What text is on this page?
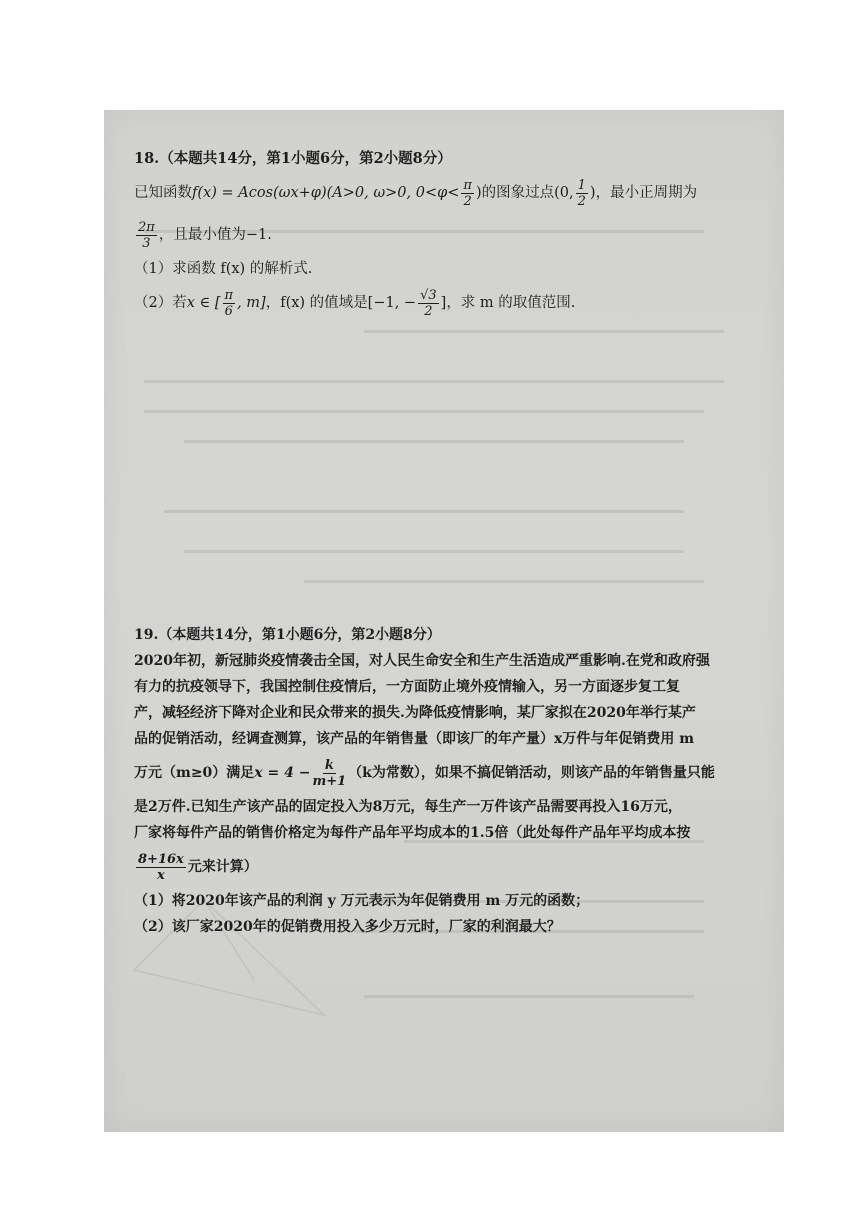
18.（本题共14分，第1小题6分，第2小题8分）
已知函数 f(x) = Acos(ωx+φ)(A>0, ω>0, $0<\varphi< \frac{\pi}{2}$ )的图象过点 (0, $\frac{1}{2}$ ) ，最小正周期为
$\frac{2\pi}{3}$ ，且最小值为−1.
（1）求函数 f(x) 的解析式.
（2）若 x ∈ [ $\frac{\pi}{6}$ , m] ，f(x) 的值域是 [−1, − $\frac{√3}{2}$ ] ，求 m 的取值范围.
19.（本题共14分，第1小题6分，第2小题8分）
2020年初，新冠肺炎疫情袭击全国，对人民生命安全和生产生活造成严重影响.在党和政府强
有力的抗疫领导下，我国控制住疫情后，一方面防止境外疫情输入，另一方面逐步复工复
产，减轻经济下降对企业和民众带来的损失.为降低疫情影响，某厂家拟在2020年举行某产
品的促销活动，经调查测算，该产品的年销售量（即该厂的年产量）x万件与年促销费用 m
万元（m≥0）满足 $x = 4 - \frac{k}{m+1} (k$为常数），如果不搞促销活动，则该产品的年销售量只能
是2万件.已知生产该产品的固定投入为8万元，每生产一万件该产品需要再投入16万元，
厂家将每件产品的销售价格定为每件产品年平均成本的1.5倍（此处每件产品年平均成本按
$\frac{8+16x}{x}$ 元来计算）
（1）将2020年该产品的利润 y 万元表示为年促销费用 m 万元的函数；
（2）该厂家2020年的促销费用投入多少万元时，厂家的利润最大？
